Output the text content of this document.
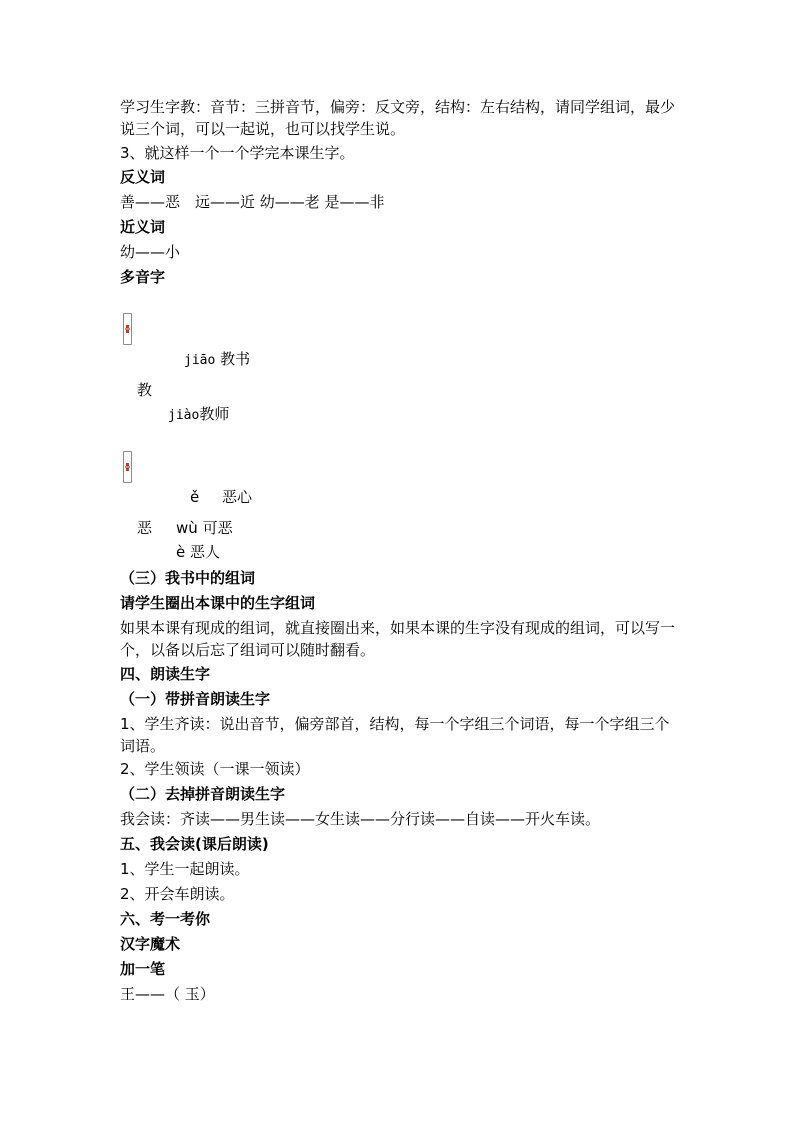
学习生字教：音节：三拼音节，偏旁：反文旁，结构：左右结构，请同学组词，最少说三个词，可以一起说，也可以找学生说。
3、就这样一个一个学完本课生字。
反义词
善——恶　远——近 幼——老 是——非
近义词
幼——小
多音字
jiāo 教书
教
jiào教师
ě 恶心
恶 wù 可恶
è 恶人
（三）我书中的组词
请学生圈出本课中的生字组词
如果本课有现成的组词，就直接圈出来，如果本课的生字没有现成的组词，可以写一个，以备以后忘了组词可以随时翻看。
四、朗读生字
（一）带拼音朗读生字
1、学生齐读：说出音节，偏旁部首，结构，每一个字组三个词语，每一个字组三个词语。
2、学生领读（一课一领读）
（二）去掉拼音朗读生字
我会读：齐读——男生读——女生读——分行读——自读——开火车读。
五、我会读(课后朗读)
1、学生一起朗读。
2、开会车朗读。
六、考一考你
汉字魔术
加一笔
王——（ 玉）
